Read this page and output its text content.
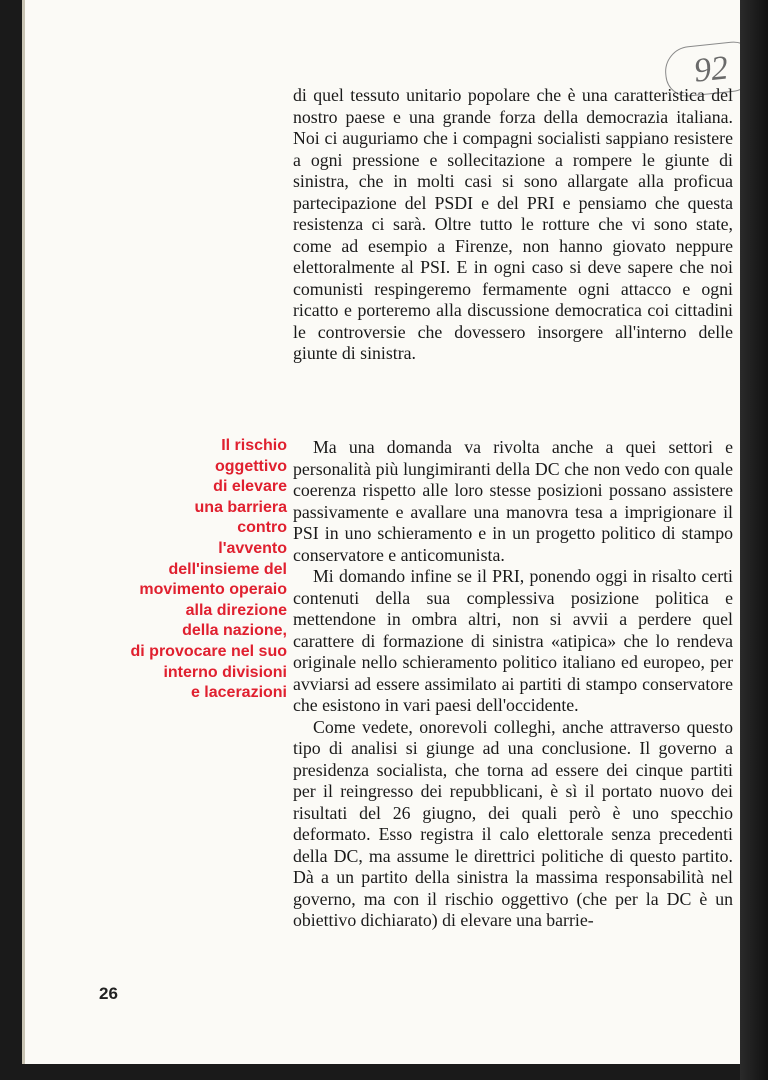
92

di quel tessuto unitario popolare che è una caratteristica del nostro paese e una grande forza della democrazia italiana. Noi ci auguriamo che i compagni socialisti sappiano resistere a ogni pressione e sollecitazione a rompere le giunte di sinistra, che in molti casi si sono allargate alla proficua partecipazione del PSDI e del PRI e pensiamo che questa resistenza ci sarà. Oltre tutto le rotture che vi sono state, come ad esempio a Firenze, non hanno giovato neppure elettoralmente al PSI. E in ogni caso si deve sapere che noi comunisti respingeremo fermamente ogni attacco e ogni ricatto e porteremo alla discussione democratica coi cittadini le controversie che dovessero insorgere all'interno delle giunte di sinistra.

Il rischio
oggettivo
di elevare
una barriera
contro
l'avvento
dell'insieme del
movimento operaio
alla direzione
della nazione,
di provocare nel suo
interno divisioni
e lacerazioni

Ma una domanda va rivolta anche a quei settori e personalità più lungimiranti della DC che non vedo con quale coerenza rispetto alle loro stesse posizioni possano assistere passivamente e avallare una manovra tesa a imprigionare il PSI in uno schieramento e in un progetto politico di stampo conservatore e anticomunista.

Mi domando infine se il PRI, ponendo oggi in risalto certi contenuti della sua complessiva posizione politica e mettendone in ombra altri, non si avvii a perdere quel carattere di formazione di sinistra «atipica» che lo rendeva originale nello schieramento politico italiano ed europeo, per avviarsi ad essere assimilato ai partiti di stampo conservatore che esistono in vari paesi dell'occidente.

Come vedete, onorevoli colleghi, anche attraverso questo tipo di analisi si giunge ad una conclusione. Il governo a presidenza socialista, che torna ad essere dei cinque partiti per il reingresso dei repubblicani, è sì il portato nuovo dei risultati del 26 giugno, dei quali però è uno specchio deformato. Esso registra il calo elettorale senza precedenti della DC, ma assume le direttrici politiche di questo partito. Dà a un partito della sinistra la massima responsabilità nel governo, ma con il rischio oggettivo (che per la DC è un obiettivo dichiarato) di elevare una barrie-

26
